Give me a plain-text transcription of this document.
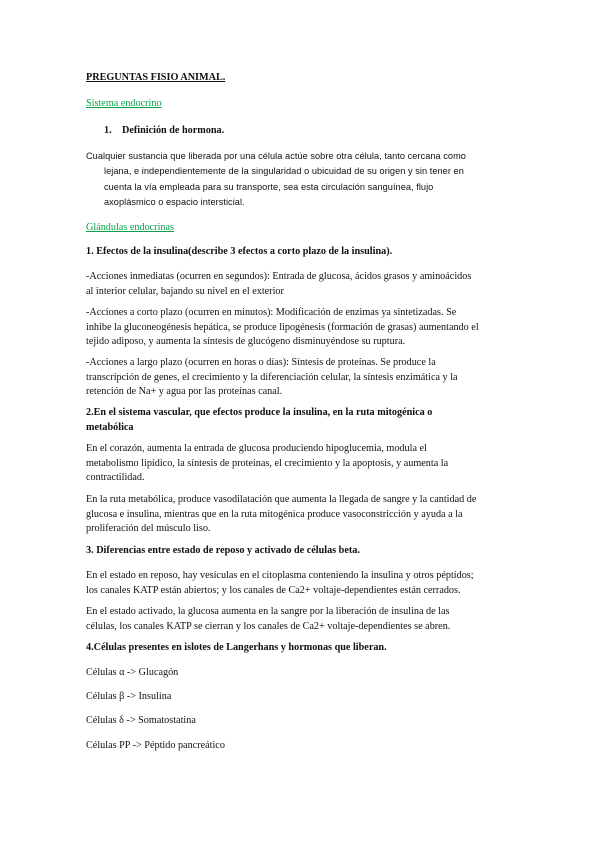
PREGUNTAS FISIO ANIMAL.

Sistema endocrino

1. Definición de hormona.

Cualquier sustancia que liberada por una célula actúe sobre otra célula, tanto cercana como
lejana, e independientemente de la singularidad o ubicuidad de su origen y sin tener en
cuenta la vía empleada para su transporte, sea esta circulación sanguínea, flujo
axoplásmico o espacio intersticial.

Glándulas endocrinas

1. Efectos de la insulina(describe 3 efectos a corto plazo de la insulina).

-Acciones inmediatas (ocurren en segundos): Entrada de glucosa, ácidos grasos y aminoácidos
al interior celular, bajando su nivel en el exterior
-Acciones a corto plazo (ocurren en minutos): Modificación de enzimas ya sintetizadas. Se
inhibe la gluconeogénesis hepática, se produce lipogénesis (formación de grasas) aumentando el
tejido adiposo, y aumenta la síntesis de glucógeno disminuyéndose su ruptura.
-Acciones a largo plazo (ocurren en horas o días): Síntesis de proteínas. Se produce la
transcripción de genes, el crecimiento y la diferenciación celular, la síntesis enzimática y la
retención de Na+ y agua por las proteínas canal.
2.En el sistema vascular, que efectos produce la insulina, en la ruta mitogénica o
metabólica
En el corazón, aumenta la entrada de glucosa produciendo hipoglucemia, modula el
metabolismo lipídico, la síntesis de proteínas, el crecimiento y la apoptosis, y aumenta la
contractilidad.
En la ruta metabólica, produce vasodilatación que aumenta la llegada de sangre y la cantidad de
glucosa e insulina, mientras que en la ruta mitogénica produce vasoconstricción y ayuda a la
proliferación del músculo liso.

3. Diferencias entre estado de reposo y activado de células beta.

En el estado en reposo, hay vesículas en el citoplasma conteniendo la insulina y otros péptidos;
los canales KATP están abiertos; y los canales de Ca2+ voltaje-dependientes están cerrados.
En el estado activado, la glucosa aumenta en la sangre por la liberación de insulina de las
células, los canales KATP se cierran y los canales de Ca2+ voltaje-dependientes se abren.

4.Células presentes en islotes de Langerhans y hormonas que liberan.

Células α -> Glucagón

Células β -> Insulina

Células δ -> Somatostatina

Células PP -> Péptido pancreático
